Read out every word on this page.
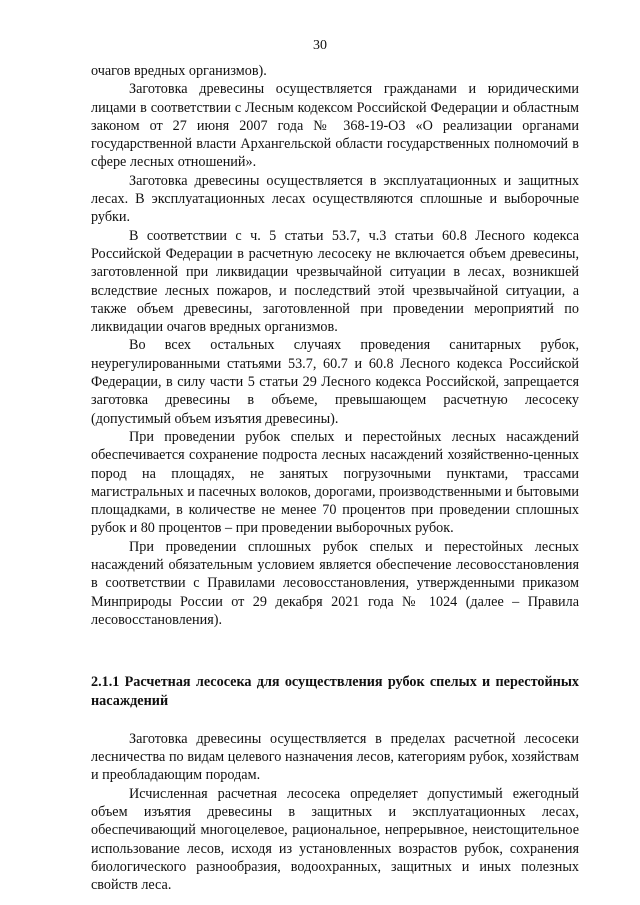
30

очагов вредных организмов).

Заготовка древесины осуществляется гражданами и юридическими лицами в соответствии с Лесным кодексом Российской Федерации и областным законом от 27 июня 2007 года № 368-19-ОЗ «О реализации органами государственной власти Архангельской области государственных полномочий в сфере лесных отношений».

Заготовка древесины осуществляется в эксплуатационных и защитных лесах. В эксплуатационных лесах осуществляются сплошные и выборочные рубки.

В соответствии с ч. 5 статьи 53.7, ч.3 статьи 60.8 Лесного кодекса Российской Федерации в расчетную лесосеку не включается объем древесины, заготовленной при ликвидации чрезвычайной ситуации в лесах, возникшей вследствие лесных пожаров, и последствий этой чрезвычайной ситуации, а также объем древесины, заготовленной при проведении мероприятий по ликвидации очагов вредных организмов.

Во всех остальных случаях проведения санитарных рубок, неурегулированными статьями 53.7, 60.7 и 60.8 Лесного кодекса Российской Федерации, в силу части 5 статьи 29 Лесного кодекса Российской, запрещается заготовка древесины в объеме, превышающем расчетную лесосеку (допустимый объем изъятия древесины).

При проведении рубок спелых и перестойных лесных насаждений обеспечивается сохранение подроста лесных насаждений хозяйственно-ценных пород на площадях, не занятых погрузочными пунктами, трассами магистральных и пасечных волоков, дорогами, производственными и бытовыми площадками, в количестве не менее 70 процентов при проведении сплошных рубок и 80 процентов – при проведении выборочных рубок.

При проведении сплошных рубок спелых и перестойных лесных насаждений обязательным условием является обеспечение лесовосстановления в соответствии с Правилами лесовосстановления, утвержденными приказом Минприроды России от 29 декабря 2021 года № 1024 (далее – Правила лесовосстановления).

2.1.1 Расчетная лесосека для осуществления рубок спелых и перестойных насаждений

Заготовка древесины осуществляется в пределах расчетной лесосеки лесничества по видам целевого назначения лесов, категориям рубок, хозяйствам и преобладающим породам.

Исчисленная расчетная лесосека определяет допустимый ежегодный объем изъятия древесины в защитных и эксплуатационных лесах, обеспечивающий многоцелевое, рациональное, непрерывное, неистощительное использование лесов, исходя из установленных возрастов рубок, сохранения биологического разнообразия, водоохранных, защитных и иных полезных свойств леса.
